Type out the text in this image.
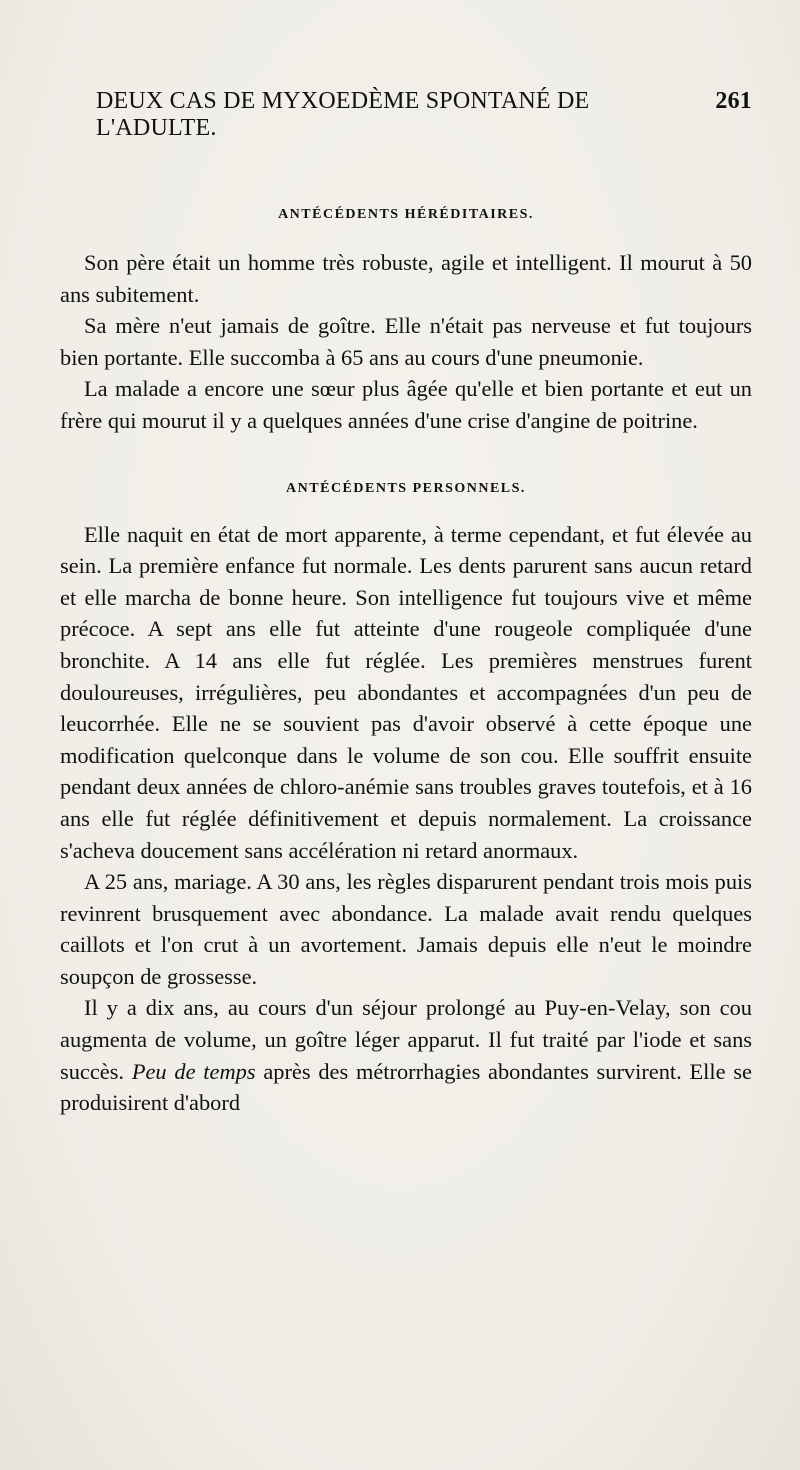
DEUX CAS DE MYXOEDÈME SPONTANÉ DE L'ADULTE.
261
ANTÉCÉDENTS HÉRÉDITAIRES.

Son père était un homme très robuste, agile et intelligent. Il mourut à 50 ans subitement.

Sa mère n'eut jamais de goître. Elle n'était pas nerveuse et fut toujours bien portante. Elle succomba à 65 ans au cours d'une pneumonie.

La malade a encore une sœur plus âgée qu'elle et bien portante et eut un frère qui mourut il y a quelques années d'une crise d'angine de poitrine.

ANTÉCÉDENTS PERSONNELS.

Elle naquit en état de mort apparente, à terme cependant, et fut élevée au sein. La première enfance fut normale. Les dents parurent sans aucun retard et elle marcha de bonne heure. Son intelligence fut toujours vive et même précoce. A sept ans elle fut atteinte d'une rougeole compliquée d'une bronchite. A 14 ans elle fut réglée. Les premières menstrues furent douloureuses, irrégulières, peu abondantes et accompagnées d'un peu de leucorrhée. Elle ne se souvient pas d'avoir observé à cette époque une modification quelconque dans le volume de son cou. Elle souffrit ensuite pendant deux années de chloro-anémie sans troubles graves toutefois, et à 16 ans elle fut réglée définitivement et depuis normalement. La croissance s'acheva doucement sans accélération ni retard anormaux.

A 25 ans, mariage. A 30 ans, les règles disparurent pendant trois mois puis revinrent brusquement avec abondance. La malade avait rendu quelques caillots et l'on crut à un avortement. Jamais depuis elle n'eut le moindre soupçon de grossesse.

Il y a dix ans, au cours d'un séjour prolongé au Puy-en-Velay, son cou augmenta de volume, un goître léger apparut. Il fut traité par l'iode et sans succès. Peu de temps après des métrorrhagies abondantes survirent. Elle se produisirent d'abord
